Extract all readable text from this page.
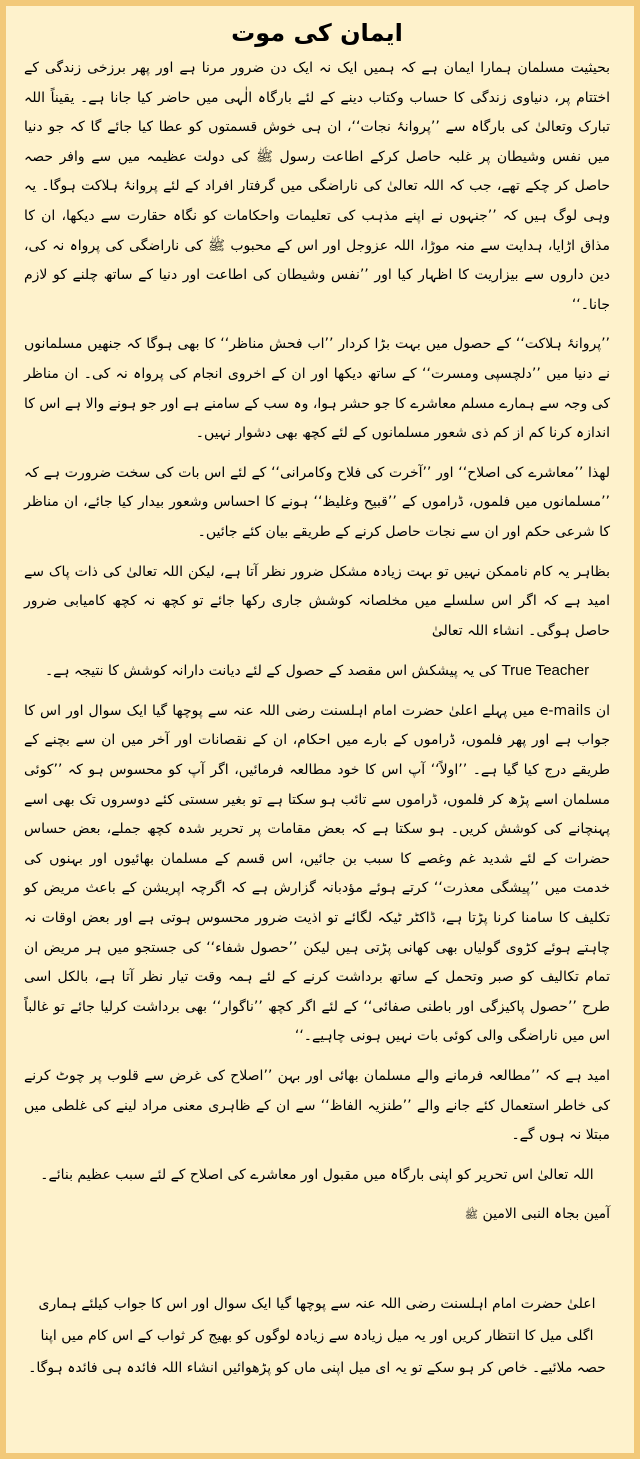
ایمان کی موت

بحیثیت مسلمان ہمارا ایمان ہے کہ ہمیں ایک نہ ایک دن ضرور مرنا ہے اور پھر برزخی زندگی کے اختتام پر، دنیاوی زندگی کا حساب وکتاب دینے کے لئے بارگاہ الٰہی میں حاضر کیا جانا ہے۔ یقیناً اللہ تبارک وتعالیٰ کی بارگاہ سے ’’پروانۂ نجات‘‘، ان ہی خوش قسمتوں کو عطا کیا جائے گا کہ جو دنیا میں نفس وشیطان پر غلبہ حاصل کرکے اطاعت رسول ﷺ کی دولت عظیمہ میں سے وافر حصہ حاصل کر چکے تھے، جب کہ اللہ تعالیٰ کی ناراضگی میں گرفتار افراد کے لئے پروانۂ ہلاکت ہوگا۔ یہ وہی لوگ ہیں کہ ’’جنہوں نے اپنے مذہب کی تعلیمات واحکامات کو نگاہ حقارت سے دیکھا، ان کا مذاق اڑایا، ہدایت سے منہ موڑا، اللہ عزوجل اور اس کے محبوب ﷺ کی ناراضگی کی پرواہ نہ کی، دین داروں سے بیزاریت کا اظہار کیا اور ’’نفس وشیطان کی اطاعت اور دنیا کے ساتھ چلنے کو لازم جانا۔‘‘

’’پروانۂ ہلاکت‘‘ کے حصول میں بہت بڑا کردار ’’اب فحش مناظر‘‘ کا بھی ہوگا کہ جنھیں مسلمانوں نے دنیا میں ’’دلچسپی ومسرت‘‘ کے ساتھ دیکھا اور ان کے اخروی انجام کی پرواہ نہ کی۔ ان مناظر کی وجہ سے ہمارے مسلم معاشرے کا جو حشر ہوا، وہ سب کے سامنے ہے اور جو ہونے والا ہے اس کا اندازہ کرنا کم از کم ذی شعور مسلمانوں کے لئے کچھ بھی دشوار نہیں۔

لھذا ’’معاشرے کی اصلاح‘‘ اور ’’آخرت کی فلاح وکامرانی‘‘ کے لئے اس بات کی سخت ضرورت ہے کہ ’’مسلمانوں میں فلموں، ڈراموں کے ’’قبیح وغلیظ‘‘ ہونے کا احساس وشعور بیدار کیا جائے، ان مناظر کا شرعی حکم اور ان سے نجات حاصل کرنے کے طریقے بیان کئے جائیں۔

بظاہر یہ کام ناممکن نہیں تو بہت زیادہ مشکل ضرور نظر آتا ہے، لیکن اللہ تعالیٰ کی ذات پاک سے امید ہے کہ اگر اس سلسلے میں مخلصانہ کوشش جاری رکھا جائے تو کچھ نہ کچھ کامیابی ضرور حاصل ہوگی۔ انشاء اللہ تعالیٰ

True Teacher کی یہ پیشکش اس مقصد کے حصول کے لئے دیانت دارانہ کوشش کا نتیجہ ہے۔

ان e-mails میں پہلے اعلیٰ حضرت امام اہلسنت رضی اللہ عنہ سے پوچھا گیا ایک سوال اور اس کا جواب ہے اور پھر فلموں، ڈراموں کے بارے میں احکام، ان کے نقصانات اور آخر میں ان سے بچنے کے طریقے درج کیا گیا ہے۔ ’’اولاً‘‘ آپ اس کا خود مطالعہ فرمائیں، اگر آپ کو محسوس ہو کہ ’’کوئی مسلمان اسے پڑھ کر فلموں، ڈراموں سے تائب ہو سکتا ہے تو بغیر سستی کئے دوسروں تک بھی اسے پہنچانے کی کوشش کریں۔ ہو سکتا ہے کہ بعض مقامات پر تحریر شدہ کچھ جملے، بعض حساس حضرات کے لئے شدید غم وغصے کا سبب بن جائیں، اس قسم کے مسلمان بھائیوں اور بہنوں کی خدمت میں ’’پیشگی معذرت‘‘ کرتے ہوئے مؤدبانہ گزارش ہے کہ اگرچہ اپریشن کے باعث مریض کو تکلیف کا سامنا کرنا پڑتا ہے، ڈاکٹر ٹیکہ لگائے تو اذیت ضرور محسوس ہوتی ہے اور بعض اوقات نہ چاہتے ہوئے کڑوی گولیاں بھی کھانی پڑتی ہیں لیکن ’’حصول شفاء‘‘ کی جستجو میں ہر مریض ان تمام تکالیف کو صبر وتحمل کے ساتھ برداشت کرنے کے لئے ہمہ وقت تیار نظر آتا ہے، بالکل اسی طرح ’’حصول پاکیزگی اور باطنی صفائی‘‘ کے لئے اگر کچھ ’’ناگوار‘‘ بھی برداشت کرلیا جائے تو غالباً اس میں ناراضگی والی کوئی بات نہیں ہونی چاہیے۔‘‘

امید ہے کہ ’’مطالعہ فرمانے والے مسلمان بھائی اور بہن ’’اصلاح کی غرض سے قلوب پر چوٹ کرنے کی خاطر استعمال کئے جانے والے ’’طنزیہ الفاظ‘‘ سے ان کے ظاہری معنی مراد لینے کی غلطی میں مبتلا نہ ہوں گے۔

اللہ تعالیٰ اس تحریر کو اپنی بارگاہ میں مقبول اور معاشرے کی اصلاح کے لئے سبب عظیم بنائے۔

آمین بجاہ النبی الامین ﷺ

اعلیٰ حضرت امام اہلسنت رضی اللہ عنہ سے پوچھا گیا ایک سوال اور اس کا جواب کیلئے ہماری اگلی میل کا انتظار کریں اور یہ میل زیادہ سے زیادہ لوگوں کو بھیج کر ثواب کے اس کام میں اپنا حصہ ملائیے۔ خاص کر ہو سکے تو یہ ای میل اپنی ماں کو پڑھوائیں انشاء اللہ فائدہ ہی فائدہ ہوگا۔
